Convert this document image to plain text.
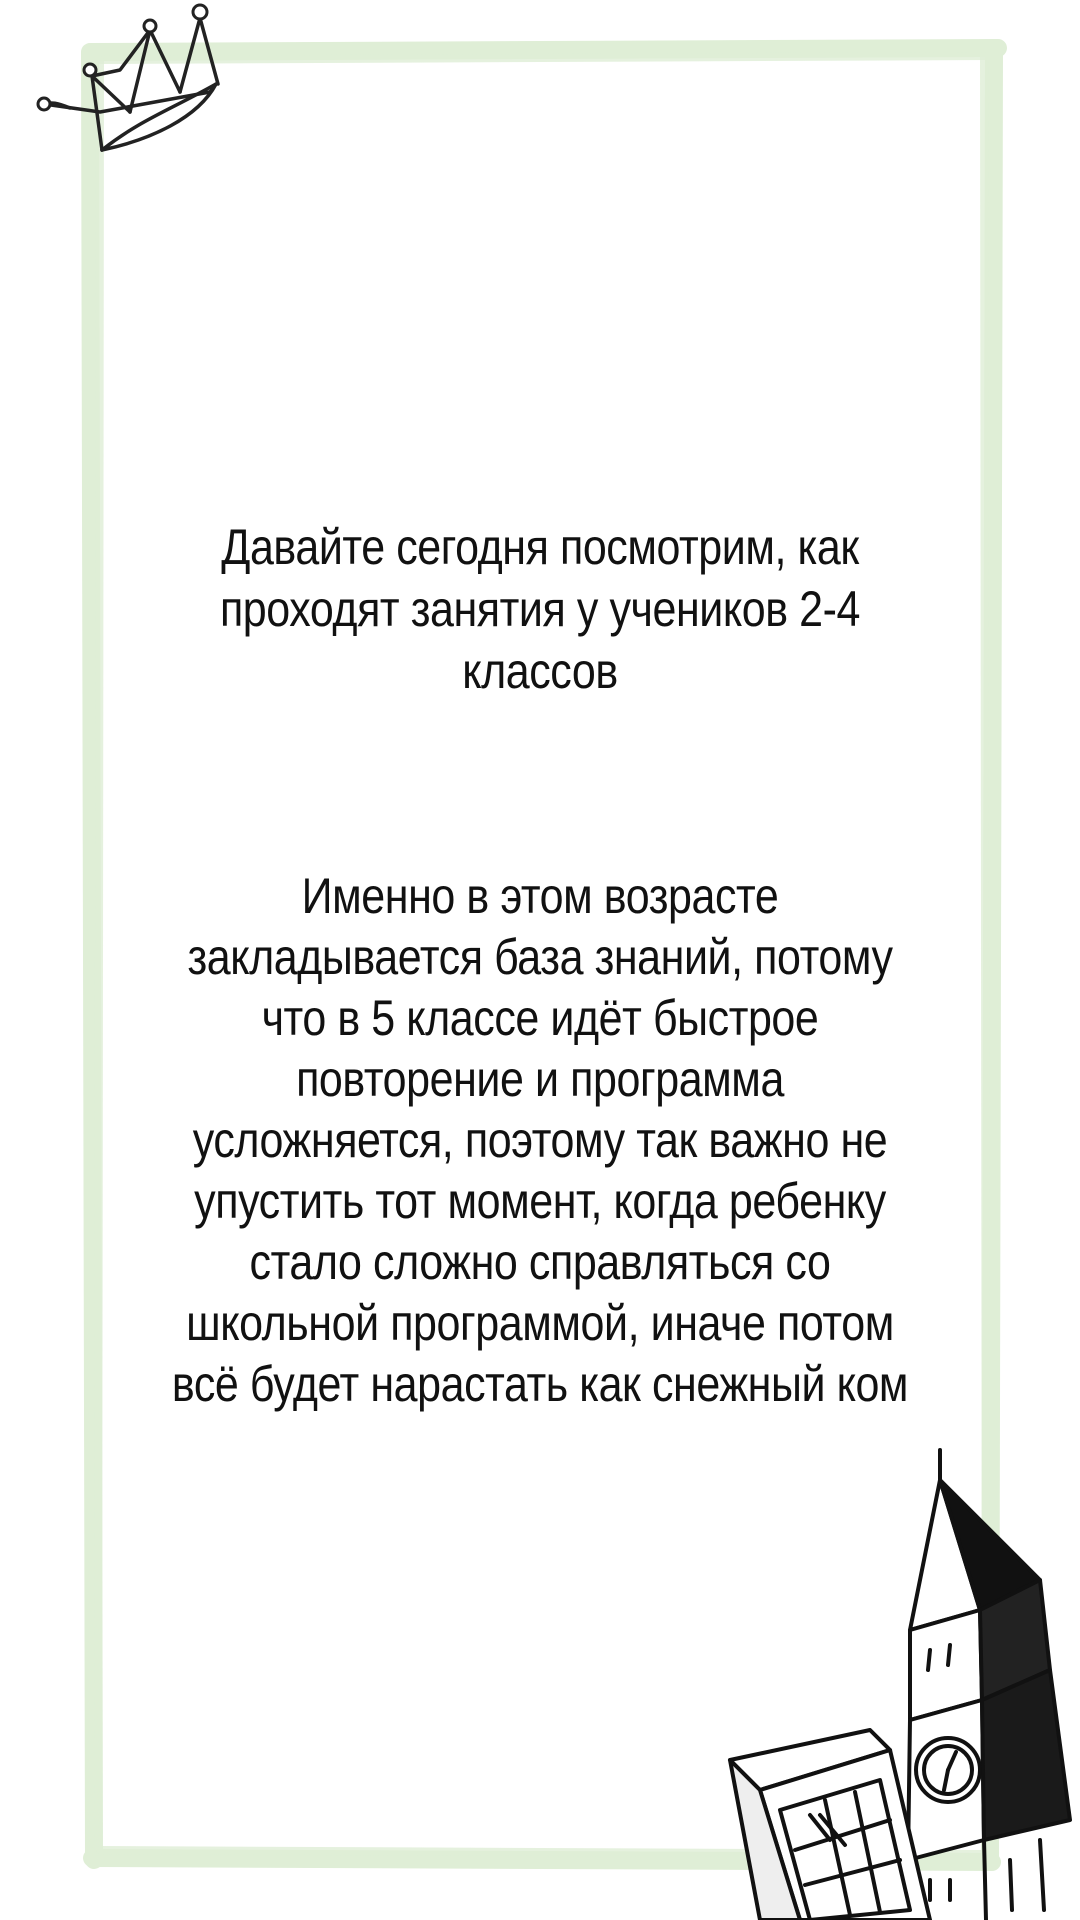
Давайте сегодня посмотрим, как проходят занятия у учеников 2-4 классов
Именно в этом возрасте закладывается база знаний, потому что в 5 классе идёт быстрое повторение и программа усложняется, поэтому так важно не упустить тот момент, когда ребенку стало сложно справляться со школьной программой, иначе потом всё будет нарастать как снежный ком
